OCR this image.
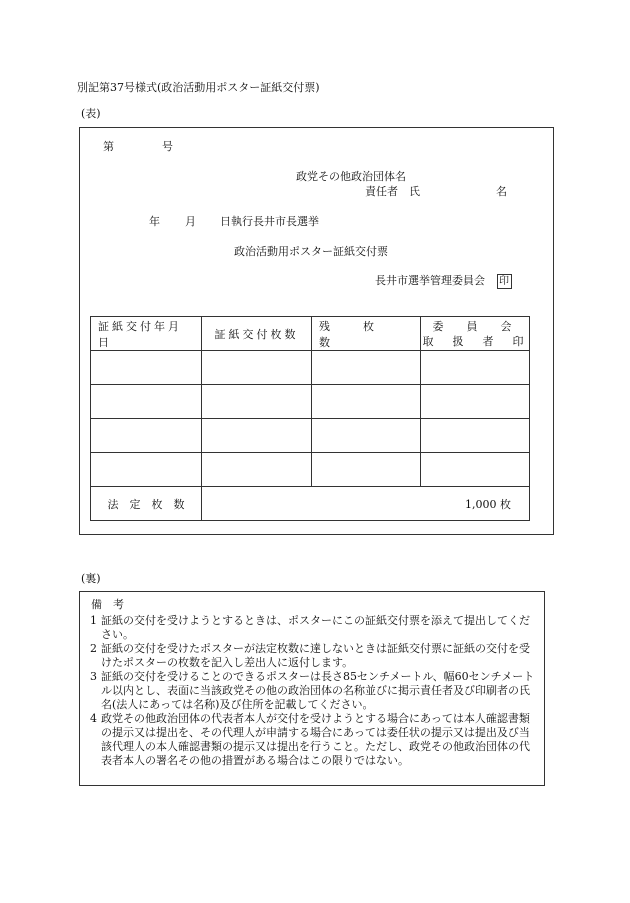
別記第37号様式(政治活動用ポスター証紙交付票)
(表)
第	号
政党その他政治団体名
責任者　氏	名
年 月 日執行長井市長選挙
政治活動用ポスター証紙交付票
長井市選挙管理委員会 印
証紙交付年月日	証紙交付枚数	残　　　枚　　　数	委　員　会
取　扱　者　印

法　定　枚　数	1,000 枚		
(裏)
備　考
1 証紙の交付を受けようとするときは、ポスターにこの証紙交付票を添えて提出してください。
2 証紙の交付を受けたポスターが法定枚数に達しないときは証紙交付票に証紙の交付を受けたポスターの枚数を記入し差出人に返付します。
3 証紙の交付を受けることのできるポスターは長さ85センチメートル、幅60センチメートル以内とし、表面に当該政党その他の政治団体の名称並びに掲示責任者及び印刷者の氏名(法人にあっては名称)及び住所を記載してください。
4 政党その他政治団体の代表者本人が交付を受けようとする場合にあっては本人確認書類の提示又は提出を、その代理人が申請する場合にあっては委任状の提示又は提出及び当該代理人の本人確認書類の提示又は提出を行うこと。ただし、政党その他政治団体の代表者本人の署名その他の措置がある場合はこの限りではない。
